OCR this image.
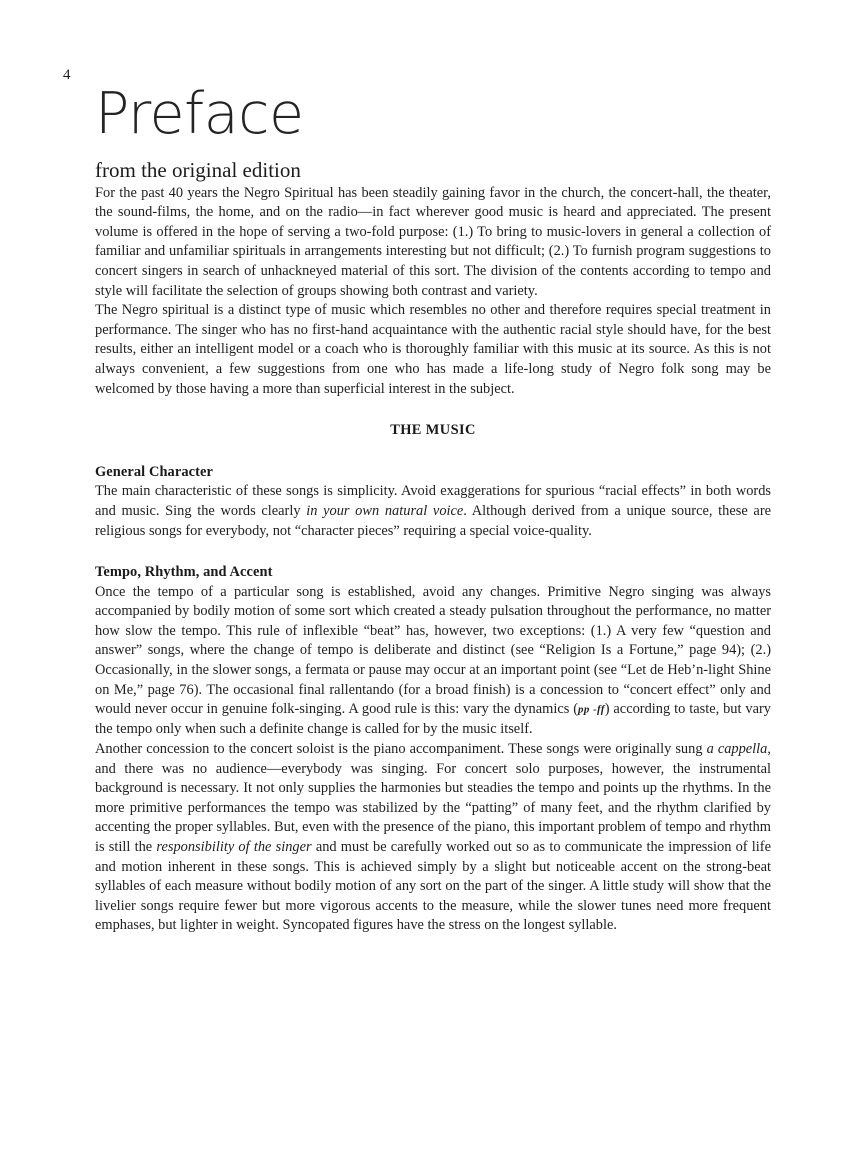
4
Preface
from the original edition

For the past 40 years the Negro Spiritual has been steadily gaining favor in the church, the concert-hall, the theater, the sound-films, the home, and on the radio—in fact wherever good music is heard and appreciated. The present volume is offered in the hope of serving a two-fold purpose: (1.) To bring to music-lovers in general a collection of familiar and unfamiliar spirituals in arrangements interesting but not difficult; (2.) To furnish program suggestions to concert singers in search of unhackneyed material of this sort. The division of the contents according to tempo and style will facilitate the selection of groups showing both contrast and variety.

The Negro spiritual is a distinct type of music which resembles no other and therefore requires special treatment in performance. The singer who has no first-hand acquaintance with the authentic racial style should have, for the best results, either an intelligent model or a coach who is thoroughly familiar with this music at its source. As this is not always convenient, a few suggestions from one who has made a life-long study of Negro folk song may be welcomed by those having a more than superficial interest in the subject.

THE MUSIC
General Character

The main characteristic of these songs is simplicity. Avoid exaggerations for spurious “racial effects” in both words and music. Sing the words clearly in your own natural voice. Although derived from a unique source, these are religious songs for everybody, not “character pieces” requiring a special voice-quality.

Tempo, Rhythm, and Accent

Once the tempo of a particular song is established, avoid any changes. Primitive Negro singing was always accompanied by bodily motion of some sort which created a steady pulsation throughout the performance, no matter how slow the tempo. This rule of inflexible “beat” has, however, two exceptions: (1.) A very few “question and answer” songs, where the change of tempo is deliberate and distinct (see “Religion Is a Fortune,” page 94); (2.) Occasionally, in the slower songs, a fermata or pause may occur at an important point (see “Let de Heb’n-light Shine on Me,” page 76). The occasional final rallentando (for a broad finish) is a concession to “concert effect” only and would never occur in genuine folk-singing. A good rule is this: vary the dynamics (pp -ff) according to taste, but vary the tempo only when such a definite change is called for by the music itself.

Another concession to the concert soloist is the piano accompaniment. These songs were originally sung a cappella, and there was no audience—everybody was singing. For concert solo purposes, however, the instrumental background is necessary. It not only supplies the harmonies but steadies the tempo and points up the rhythms. In the more primitive performances the tempo was stabilized by the “patting” of many feet, and the rhythm clarified by accenting the proper syllables. But, even with the presence of the piano, this important problem of tempo and rhythm is still the responsibility of the singer and must be carefully worked out so as to communicate the impression of life and motion inherent in these songs. This is achieved simply by a slight but noticeable accent on the strong-beat syllables of each measure without bodily motion of any sort on the part of the singer. A little study will show that the livelier songs require fewer but more vigorous accents to the measure, while the slower tunes need more frequent emphases, but lighter in weight. Syncopated figures have the stress on the longest syllable.
